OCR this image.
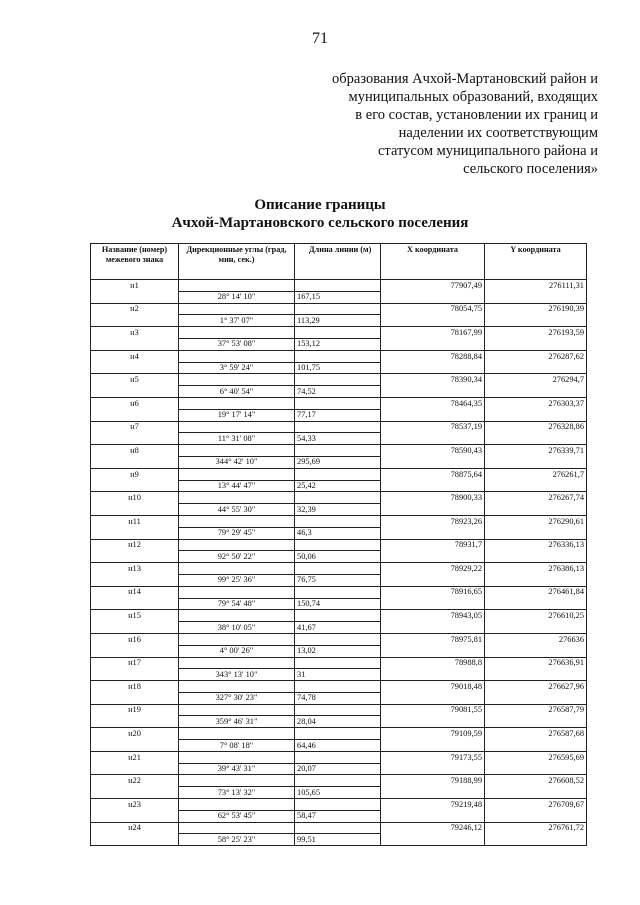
71
образования Ачхой-Мартановский район и
муниципальных образований, входящих
в его состав, установлении их границ и
наделении их соответствующим
статусом муниципального района и
сельского поселения»
Описание границы
Ачхой-Мартановского сельского поселения
Название (номер) межевого знака	Дирекционные углы (град, мин, сек.)	Длина линии (м)	X координата	Y координата
н1			77907,49	276111,31
	28° 14' 10"	167,15		
н2			78054,75	276190,39
	1° 37' 07"	113,29		
н3			78167,99	276193,59
	37° 53' 08"	153,12		
н4			78288,84	276287,62
	3° 59' 24"	101,75		
н5			78390,34	276294,7
	6° 40' 54"	74,52		
н6			78464,35	276303,37
	19° 17' 14"	77,17		
н7			78537,19	276328,86
	11° 31' 08"	54,33		
н8			78590,43	276339,71
	344° 42' 10"	295,69		
н9			78875,64	276261,7
	13° 44' 47"	25,42		
н10			78900,33	276267,74
	44° 55' 30"	32,39		
н11			78923,26	276290,61
	79° 29' 45"	46,3		
н12			78931,7	276336,13
	92° 50' 22"	50,06		
н13			78929,22	276386,13
	99° 25' 36"	76,75		
н14			78916,65	276461,84
	79° 54' 48"	150,74		
н15			78943,05	276610,25
	38° 10' 05"	41,67		
н16			78975,81	276636
	4° 00' 26"	13,02		
н17			78988,8	276636,91
	343° 13' 10"	31		
н18			79018,48	276627,96
	327° 30' 23"	74,78		
н19			79081,55	276587,79
	359° 46' 31"	28,04		
н20			79109,59	276587,68
	7° 08' 18"	64,46		
н21			79173,55	276595,69
	39° 43' 31"	20,07		
н22			79188,99	276608,52
	73° 13' 32"	105,65		
н23			79219,48	276709,67
	62° 53' 45"	58,47		
н24			79246,12	276761,72
	58° 25' 23"	99,51		
